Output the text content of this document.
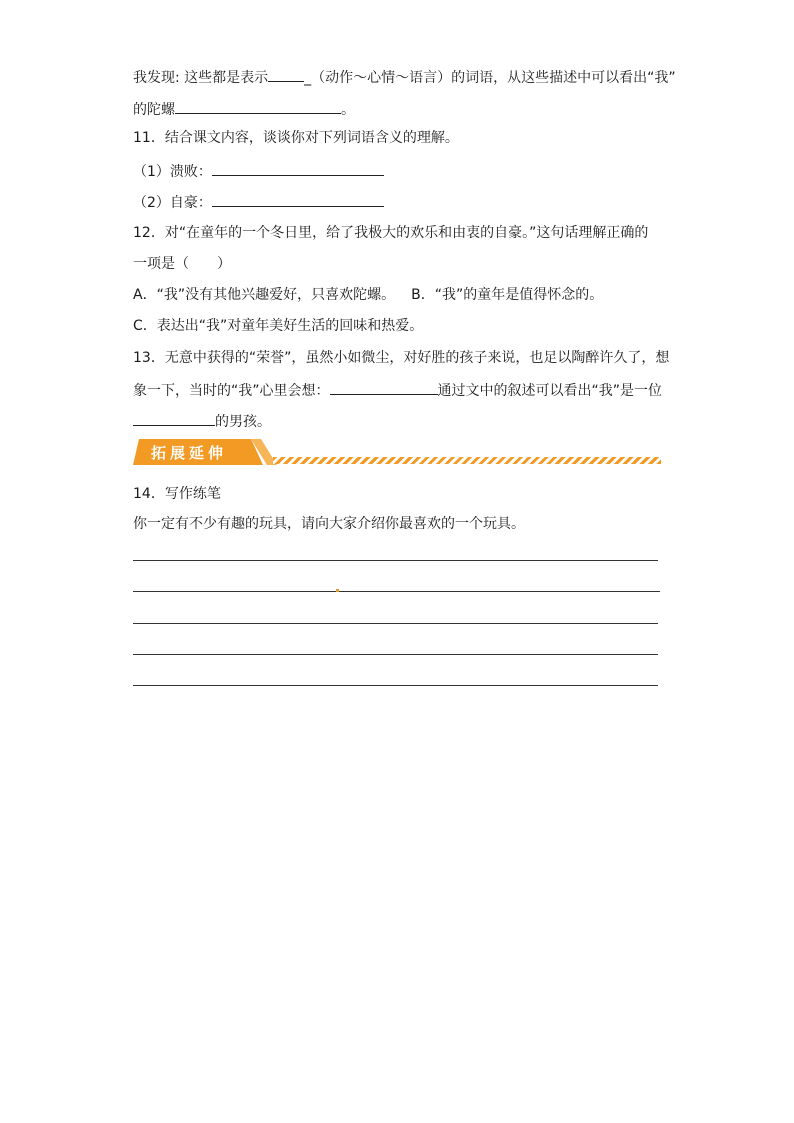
我发现: 这些都是表示	_（动作～心情～语言）的词语，从这些描述中可以看出“我”
的陀螺	。
11．结合课文内容，谈谈你对下列词语含义的理解。
（1）溃败：
（2）自豪：
12．对“在童年的一个冬日里，给了我极大的欢乐和由衷的自豪。”这句话理解正确的
一项是（　　）
A．“我”没有其他兴趣爱好，只喜欢陀螺。 B．“我”的童年是值得怀念的。
C．表达出“我”对童年美好生活的回味和热爱。
13．无意中获得的“荣誉”，虽然小如微尘，对好胜的孩子来说，也足以陶醉许久了，想
象一下，当时的“我”心里会想：	通过文中的叙述可以看出“我”是一位
的男孩。
拓展延伸
14．写作练笔
你一定有不少有趣的玩具，请向大家介绍你最喜欢的一个玩具。
